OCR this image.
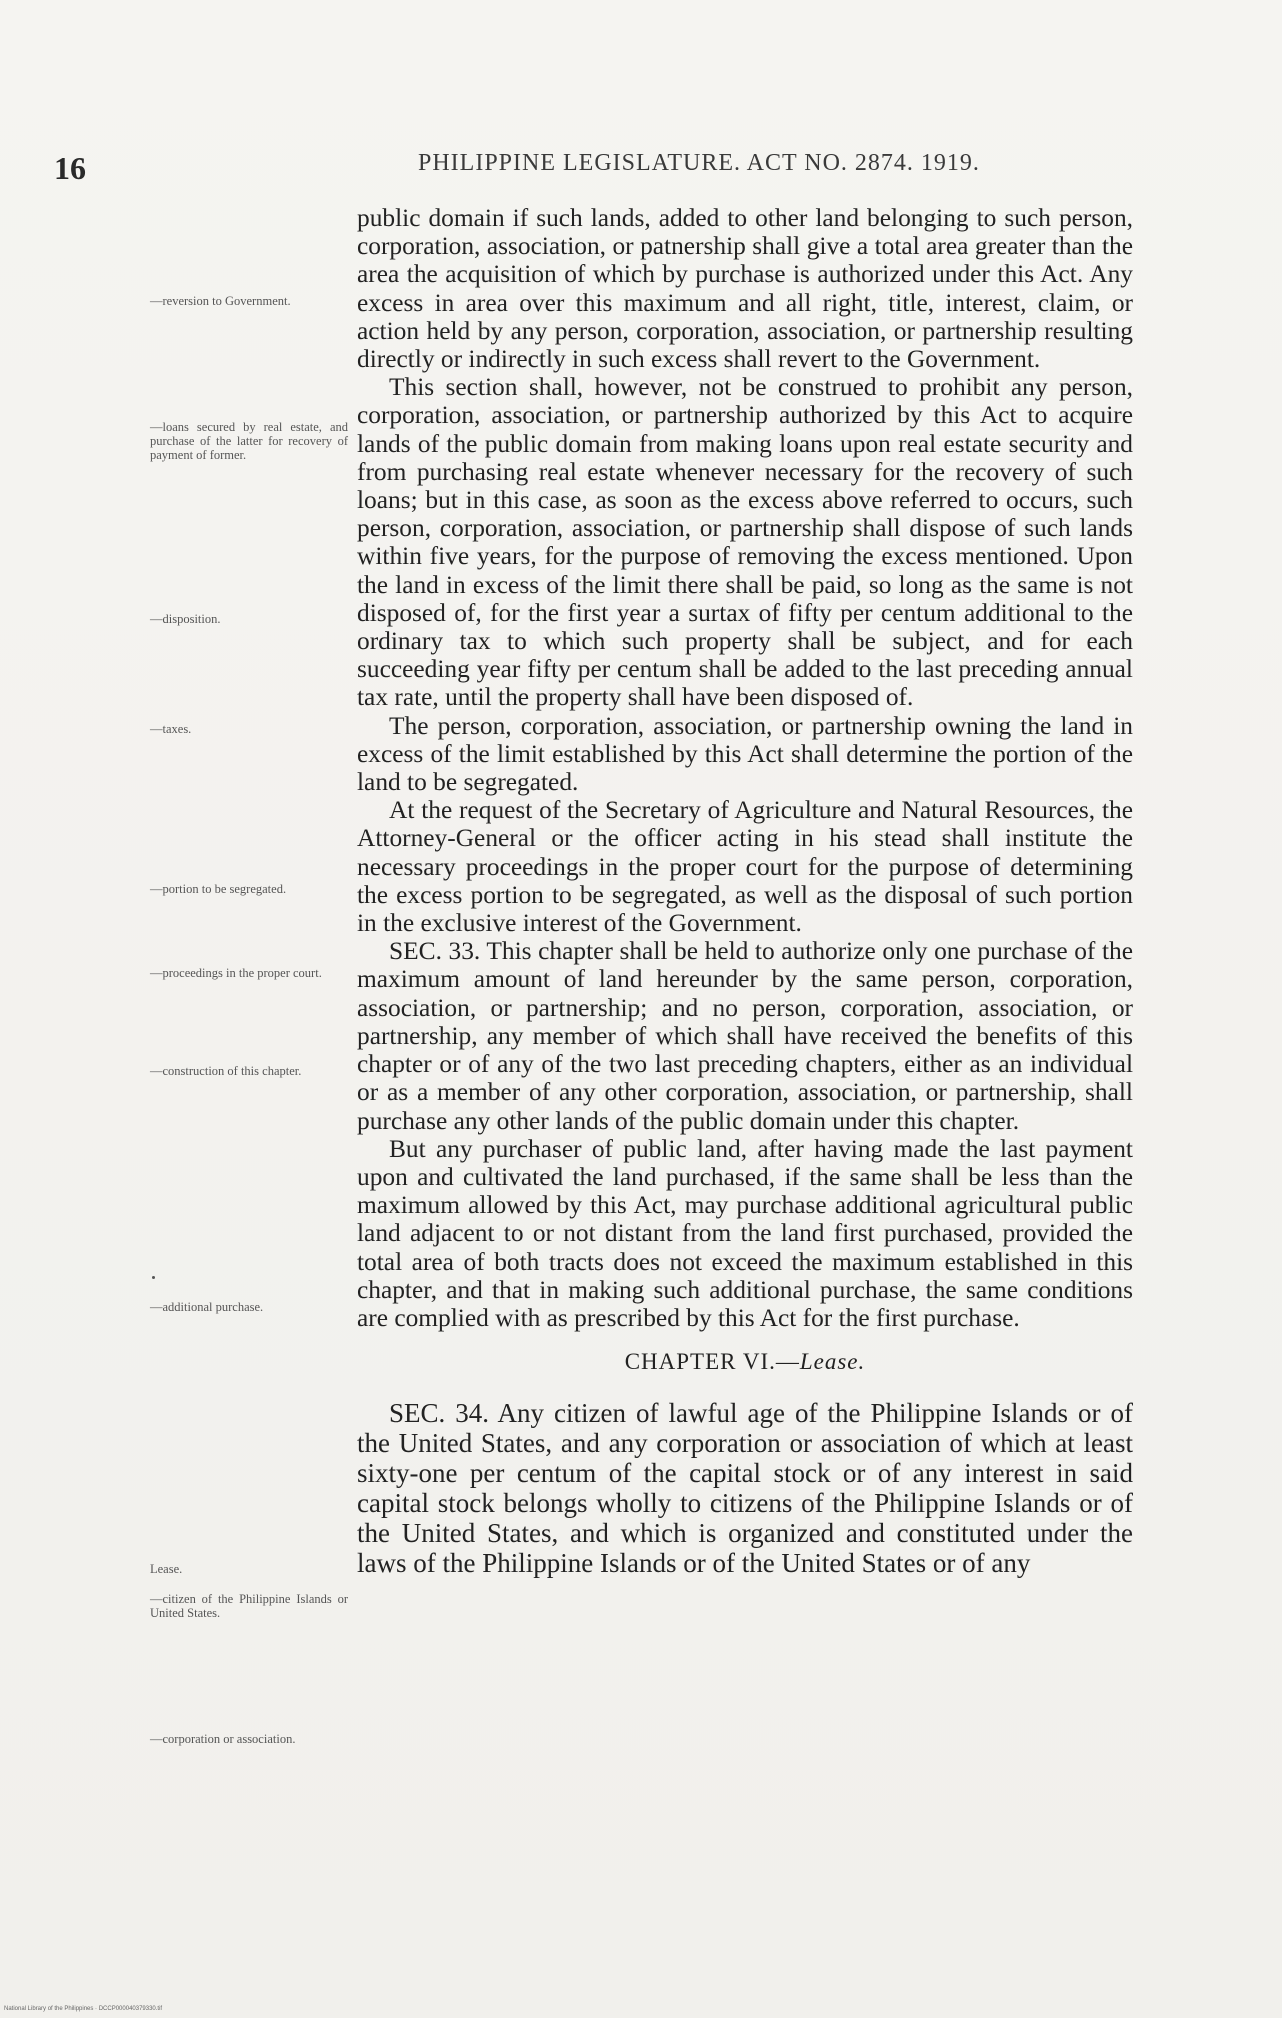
16	PHILIPPINE LEGISLATURE. ACT NO. 2874. 1919.
—reversion to Government.
—loans secured by real estate, and purchase of the latter for recovery of payment of former.
—disposition.
—taxes.
—portion to be segregated.
—proceedings in the proper court.
—construction of this chapter.
—additional purchase.
Lease.
—citizen of the Philippine Islands or United States.
—corporation or association.

public domain if such lands, added to other land belonging to such person, corporation, association, or patnership shall give a total area greater than the area the acquisition of which by purchase is authorized under this Act. Any excess in area over this maximum and all right, title, interest, claim, or action held by any person, corporation, association, or partnership resulting directly or indirectly in such excess shall revert to the Government.

This section shall, however, not be construed to prohibit any person, corporation, association, or partnership authorized by this Act to acquire lands of the public domain from making loans upon real estate security and from purchasing real estate whenever necessary for the recovery of such loans; but in this case, as soon as the excess above referred to occurs, such person, corporation, association, or partnership shall dispose of such lands within five years, for the purpose of removing the excess mentioned. Upon the land in excess of the limit there shall be paid, so long as the same is not disposed of, for the first year a surtax of fifty per centum additional to the ordinary tax to which such property shall be subject, and for each succeeding year fifty per centum shall be added to the last preceding annual tax rate, until the property shall have been disposed of.

The person, corporation, association, or partnership owning the land in excess of the limit established by this Act shall determine the portion of the land to be segregated.

At the request of the Secretary of Agriculture and Natural Resources, the Attorney-General or the officer acting in his stead shall institute the necessary proceedings in the proper court for the purpose of determining the excess portion to be segregated, as well as the disposal of such portion in the exclusive interest of the Government.

SEC. 33. This chapter shall be held to authorize only one purchase of the maximum amount of land hereunder by the same person, corporation, association, or partnership; and no person, corporation, association, or partnership, any member of which shall have received the benefits of this chapter or of any of the two last preceding chapters, either as an individual or as a member of any other corporation, association, or partnership, shall purchase any other lands of the public domain under this chapter.

But any purchaser of public land, after having made the last payment upon and cultivated the land purchased, if the same shall be less than the maximum allowed by this Act, may purchase additional agricultural public land adjacent to or not distant from the land first purchased, provided the total area of both tracts does not exceed the maximum established in this chapter, and that in making such additional purchase, the same conditions are complied with as prescribed by this Act for the first purchase.

CHAPTER VI.—Lease.

SEC. 34. Any citizen of lawful age of the Philippine Islands or of the United States, and any corporation or association of which at least sixty-one per centum of the capital stock or of any interest in said capital stock belongs wholly to citizens of the Philippine Islands or of the United States, and which is organized and constituted under the laws of the Philippine Islands or of the United States or of any

National Library of the Philippines · DCCP000040379330.tif
